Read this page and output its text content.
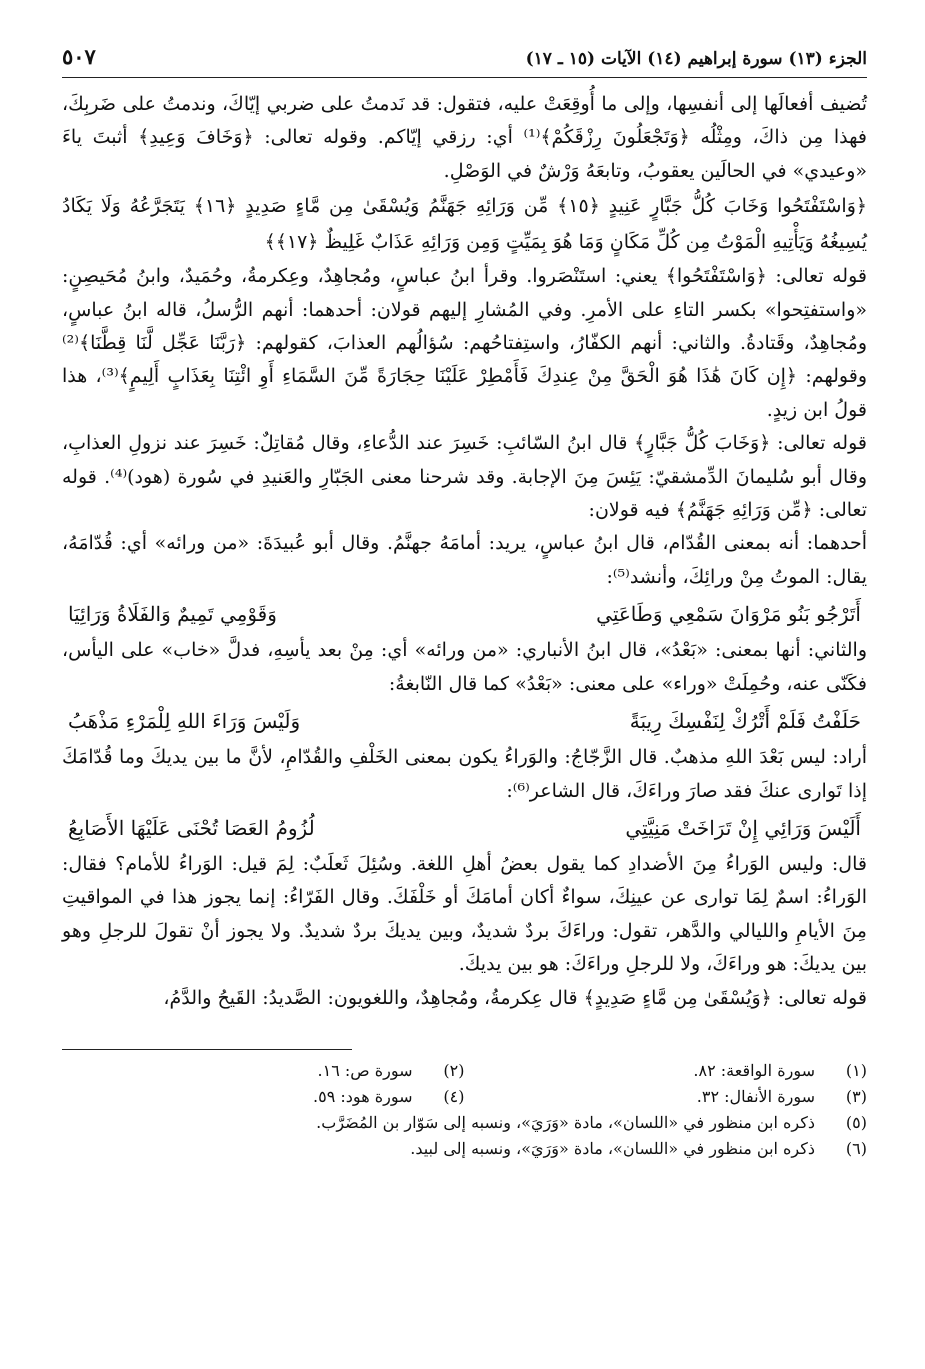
الجزء (١٣) سورة إبراهيم (١٤) الآيات (١٥ ـ ١٧)
٥٠٧

تُضيف أفعالَها إلى أنفسِها، وإلى ما أُوقِعَتْ عليه، فتقول: قد نَدمتُ على ضربي إيّاكَ، وندمتُ على ضَربِكَ، فهذا مِن ذاكَ، ومِثْلُه ﴿وَتَجْعَلُونَ رِزْقَكُمْ﴾⁽¹⁾ أي: رزقي إيّاكم. وقوله تعالى: ﴿وَخَافَ وَعِيدِ﴾ أثبتَ ياءَ «وعيدي» في الحالَين يعقوبُ، وتابعَهُ وَرْشٌ في الوَصْلِ.

﴿وَاسْتَفْتَحُوا وَخَابَ كُلُّ جَبَّارٍ عَنِيدٍ ﴿١٥﴾ مِّن وَرَائِهِ جَهَنَّمُ وَيُسْقَىٰ مِن مَّاءٍ صَدِيدٍ ﴿١٦﴾ يَتَجَرَّعُهُ وَلَا يَكَادُ يُسِيغُهُ وَيَأْتِيهِ الْمَوْتُ مِن كُلِّ مَكَانٍ وَمَا هُوَ بِمَيِّتٍ وَمِن وَرَائِهِ عَذَابٌ غَلِيظٌ ﴿١٧﴾﴾

قوله تعالى: ﴿وَاسْتَفْتَحُوا﴾ يعني: استَنْصَروا. وقرأ ابنُ عباسٍ، ومُجاهِدٌ، وعِكرمةُ، وحُمَيدٌ، وابنُ مُحَيصِنٍ: «واستفتِحوا» بكسر التاءِ على الأمرِ. وفي المُشارِ إليهم قولان: أحدهما: أنهم الرُّسلُ، قاله ابنُ عباسٍ، ومُجاهِدٌ، وقَتادةُ. والثاني: أنهم الكفّارُ، واستِفتاحُهم: سُؤالُهم العذابَ، كقولهم: ﴿رَبَّنَا عَجِّل لَّنَا قِطَّنَا﴾⁽²⁾ وقولهم: ﴿إِن كَانَ هَٰذَا هُوَ الْحَقَّ مِنْ عِندِكَ فَأَمْطِرْ عَلَيْنَا حِجَارَةً مِّنَ السَّمَاءِ أَوِ ائْتِنَا بِعَذَابٍ أَلِيمٍ﴾⁽³⁾، هذا قولُ ابن زيدٍ.

قوله تعالى: ﴿وَخَابَ كُلُّ جَبَّارٍ﴾ قال ابنُ السّائبِ: خَسِرَ عند الدُّعاءِ، وقال مُقاتِلٌ: خَسِرَ عند نزولِ العذابِ، وقال أبو سُليمانَ الدِّمشقيّ: يَئِسَ مِنَ الإجابة. وقد شرحنا معنى الجَبّارِ والعَنيدِ في سُورة (هود)⁽⁴⁾. قوله تعالى: ﴿مِّن وَرَائِهِ جَهَنَّمُ﴾ فيه قولان:

أحدهما: أنه بمعنى القُدّام، قال ابنُ عباسٍ، يريد: أمامَهُ جهنَّمُ. وقال أبو عُبيدَةَ: «من ورائه» أي: قُدّامَهُ، يقال: الموتُ مِنْ ورائِكَ، وأنشد⁽⁵⁾:

أَتَرْجُو بَنُو مَرْوَانَ سَمْعِي وَطَاعَتِي
وَقَوْمِي تَمِيمٌ وَالفَلَاةُ وَرَائِيَا

والثاني: أنها بمعنى: «بَعْدُ»، قال ابنُ الأنباري: «من ورائه» أي: مِنْ بعد يأسِهِ، فدلَّ «خاب» على اليأس، فكَنّى عنه، وحُمِلَتْ «وراء» على معنى: «بَعْدُ» كما قال النّابغةُ:

حَلَفْتُ فَلَمْ أَتْرُكْ لِنَفْسِكَ رِيبَةً
وَلَيْسَ وَرَاءَ اللهِ لِلْمَرْءِ مَذْهَبُ

أراد: ليس بَعْدَ اللهِ مذهبٌ. قال الزَّجّاجُ: والوَراءُ يكون بمعنى الخَلْفِ والقُدّامِ، لأنَّ ما بين يديكَ وما قُدّامَكَ إذا تَوارى عنكَ فقد صارَ وراءَكَ، قال الشاعر⁽⁶⁾:

أَلَيْسَ وَرَائِي إِنْ تَرَاخَتْ مَنِيَّتِي
لُزُومُ العَصَا تُحْنَى عَلَيْهَا الأَصَابِعُ

قال: وليس الوَراءُ مِنَ الأضدادِ كما يقول بعضُ أهلِ اللغة. وسُئِلَ ثَعلَبٌ: لِمَ قيل: الوَراءُ للأمام؟ فقال: الوَراءُ: اسمٌ لِمَا توارى عن عينِكَ، سواءٌ أكان أمامَكَ أو خَلْفَكَ. وقال الفَرّاءُ: إنما يجوز هذا في المواقيتِ مِنَ الأيامِ والليالي والدَّهر، تقول: وراءَكَ بردٌ شديدٌ، وبين يديكَ بردٌ شديدٌ. ولا يجوز أنْ تقولَ للرجلِ وهو بين يديكَ: هو وراءَكَ، ولا للرجلِ وراءَكَ: هو بين يديكَ.

قوله تعالى: ﴿وَيُسْقَىٰ مِن مَّاءٍ صَدِيدٍ﴾ قال عِكرمةُ، ومُجاهِدٌ، واللغويون: الصَّديدُ: القَيحُ والدَّمُ،

(١)
سورة الواقعة: ٨٢.
(٢)
سورة ص: ١٦.
(٣)
سورة الأنفال: ٣٢.
(٤)
سورة هود: ٥٩.
(٥)
ذكره ابن منظور في «اللسان»، مادة «وَرَيَ»، ونسبه إلى سَوّار بن المُضَرَّب.
(٦)
ذكره ابن منظور في «اللسان»، مادة «وَرَيَ»، ونسبه إلى لبيد.
